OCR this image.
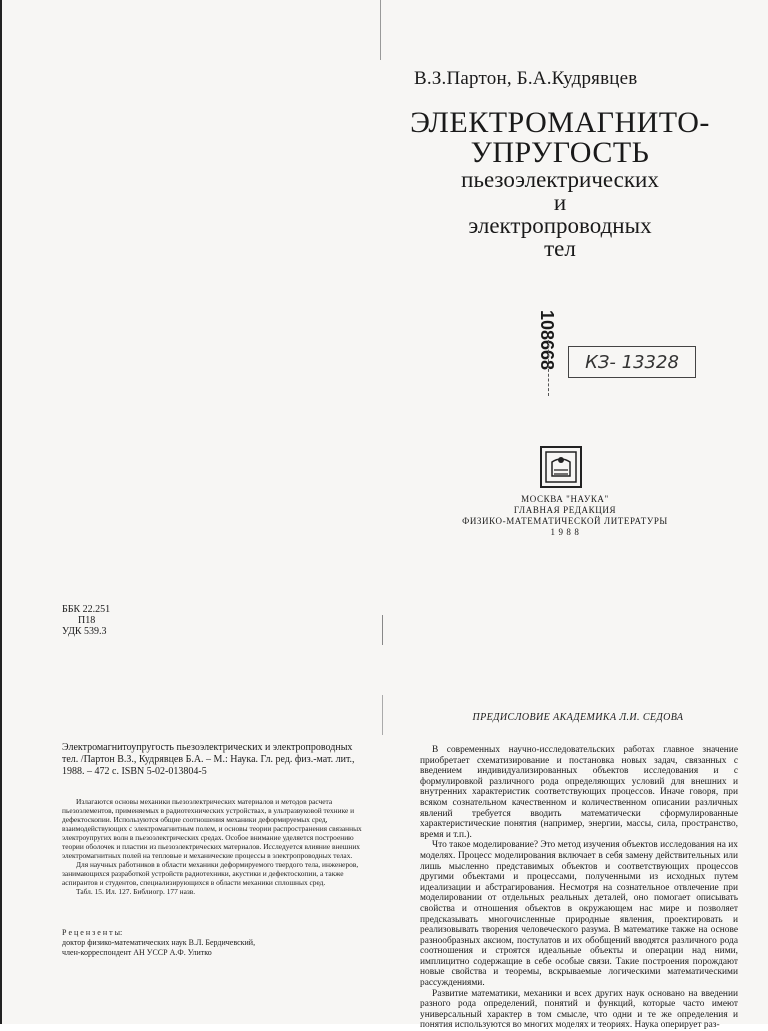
В.З.Партон, Б.А.Кудрявцев
ЭЛЕКТРОМАГНИТО-
УПРУГОСТЬ
пьезоэлектрических
и
электропроводных
тел
108668	КЗ- 13328
МОСКВА "НАУКА"
ГЛАВНАЯ РЕДАКЦИЯ
ФИЗИКО-МАТЕМАТИЧЕСКОЙ ЛИТЕРАТУРЫ
1 9 8 8
ББК 22.251
П18
УДК 539.3
ПРЕДИСЛОВИЕ АКАДЕМИКА Л.И. СЕДОВА
Электромагнитоупругость пьезоэлектрических и электропроводных тел. /Партон В.З., Кудрявцев Б.А. – М.: Наука. Гл. ред. физ.-мат. лит., 1988. – 472 с. ISBN 5-02-013804-5

Излагаются основы механики пьезоэлектрических материалов и методов расчета пьезоэлементов, применяемых в радиотехнических устройствах, в ультразвуковой технике и дефектоскопии. Используются общие соотношения механики деформируемых сред, взаимодействующих с электромагнитным полем, и основы теории распространения связанных электроупругих волн в пьезоэлектрических средах. Особое внимание уделяется построению теории оболочек и пластин из пьезоэлектрических материалов. Исследуется влияние внешних электромагнитных полей на тепловые и механические процессы в электропроводных телах.

Для научных работников в области механики деформируемого твердого тела, инженеров, занимающихся разработкой устройств радиотехники, акустики и дефектоскопии, а также аспирантов и студентов, специализирующихся в области механики сплошных сред.

Табл. 15. Ил. 127. Библиогр. 177 назв.

Р е ц е н з е н т ы:
доктор физико-математических наук В.Л. Бердичевский,
член-корреспондент АН УССР А.Ф. Улитко

В современных научно-исследовательских работах главное значение приобретает схематизирование и постановка новых задач, связанных с введением индивидуализированных объектов исследования и с формулировкой различного рода определяющих условий для внешних и внутренних характеристик соответствующих процессов. Иначе говоря, при всяком сознательном качественном и количественном описании различных явлений требуется вводить математически сформулированные характеристические понятия (например, энергии, массы, сила, пространство, время и т.п.).

Что такое моделирование? Это метод изучения объектов исследования на их моделях. Процесс моделирования включает в себя замену действительных или лишь мысленно представимых объектов и соответствующих процессов другими объектами и процессами, полученными из исходных путем идеализации и абстрагирования. Несмотря на сознательное отвлечение при моделировании от отдельных реальных деталей, оно помогает описывать свойства и отношения объектов в окружающем нас мире и позволяет предсказывать многочисленные природные явления, проектировать и реализовывать творения человеческого разума. В математике также на основе разнообразных аксиом, постулатов и их обобщений вводятся различного рода соотношения и строятся идеальные объекты и операции над ними, имплицитно содержащие в себе особые связи. Такие построения порождают новые свойства и теоремы, вскрываемые логическими математическими рассуждениями.

Развитие математики, механики и всех других наук основано на введении разного рода определений, понятий и функций, которые часто имеют универсальный характер в том смысле, что одни и те же определения и понятия используются во многих моделях и теориях. Наука оперирует раз-
